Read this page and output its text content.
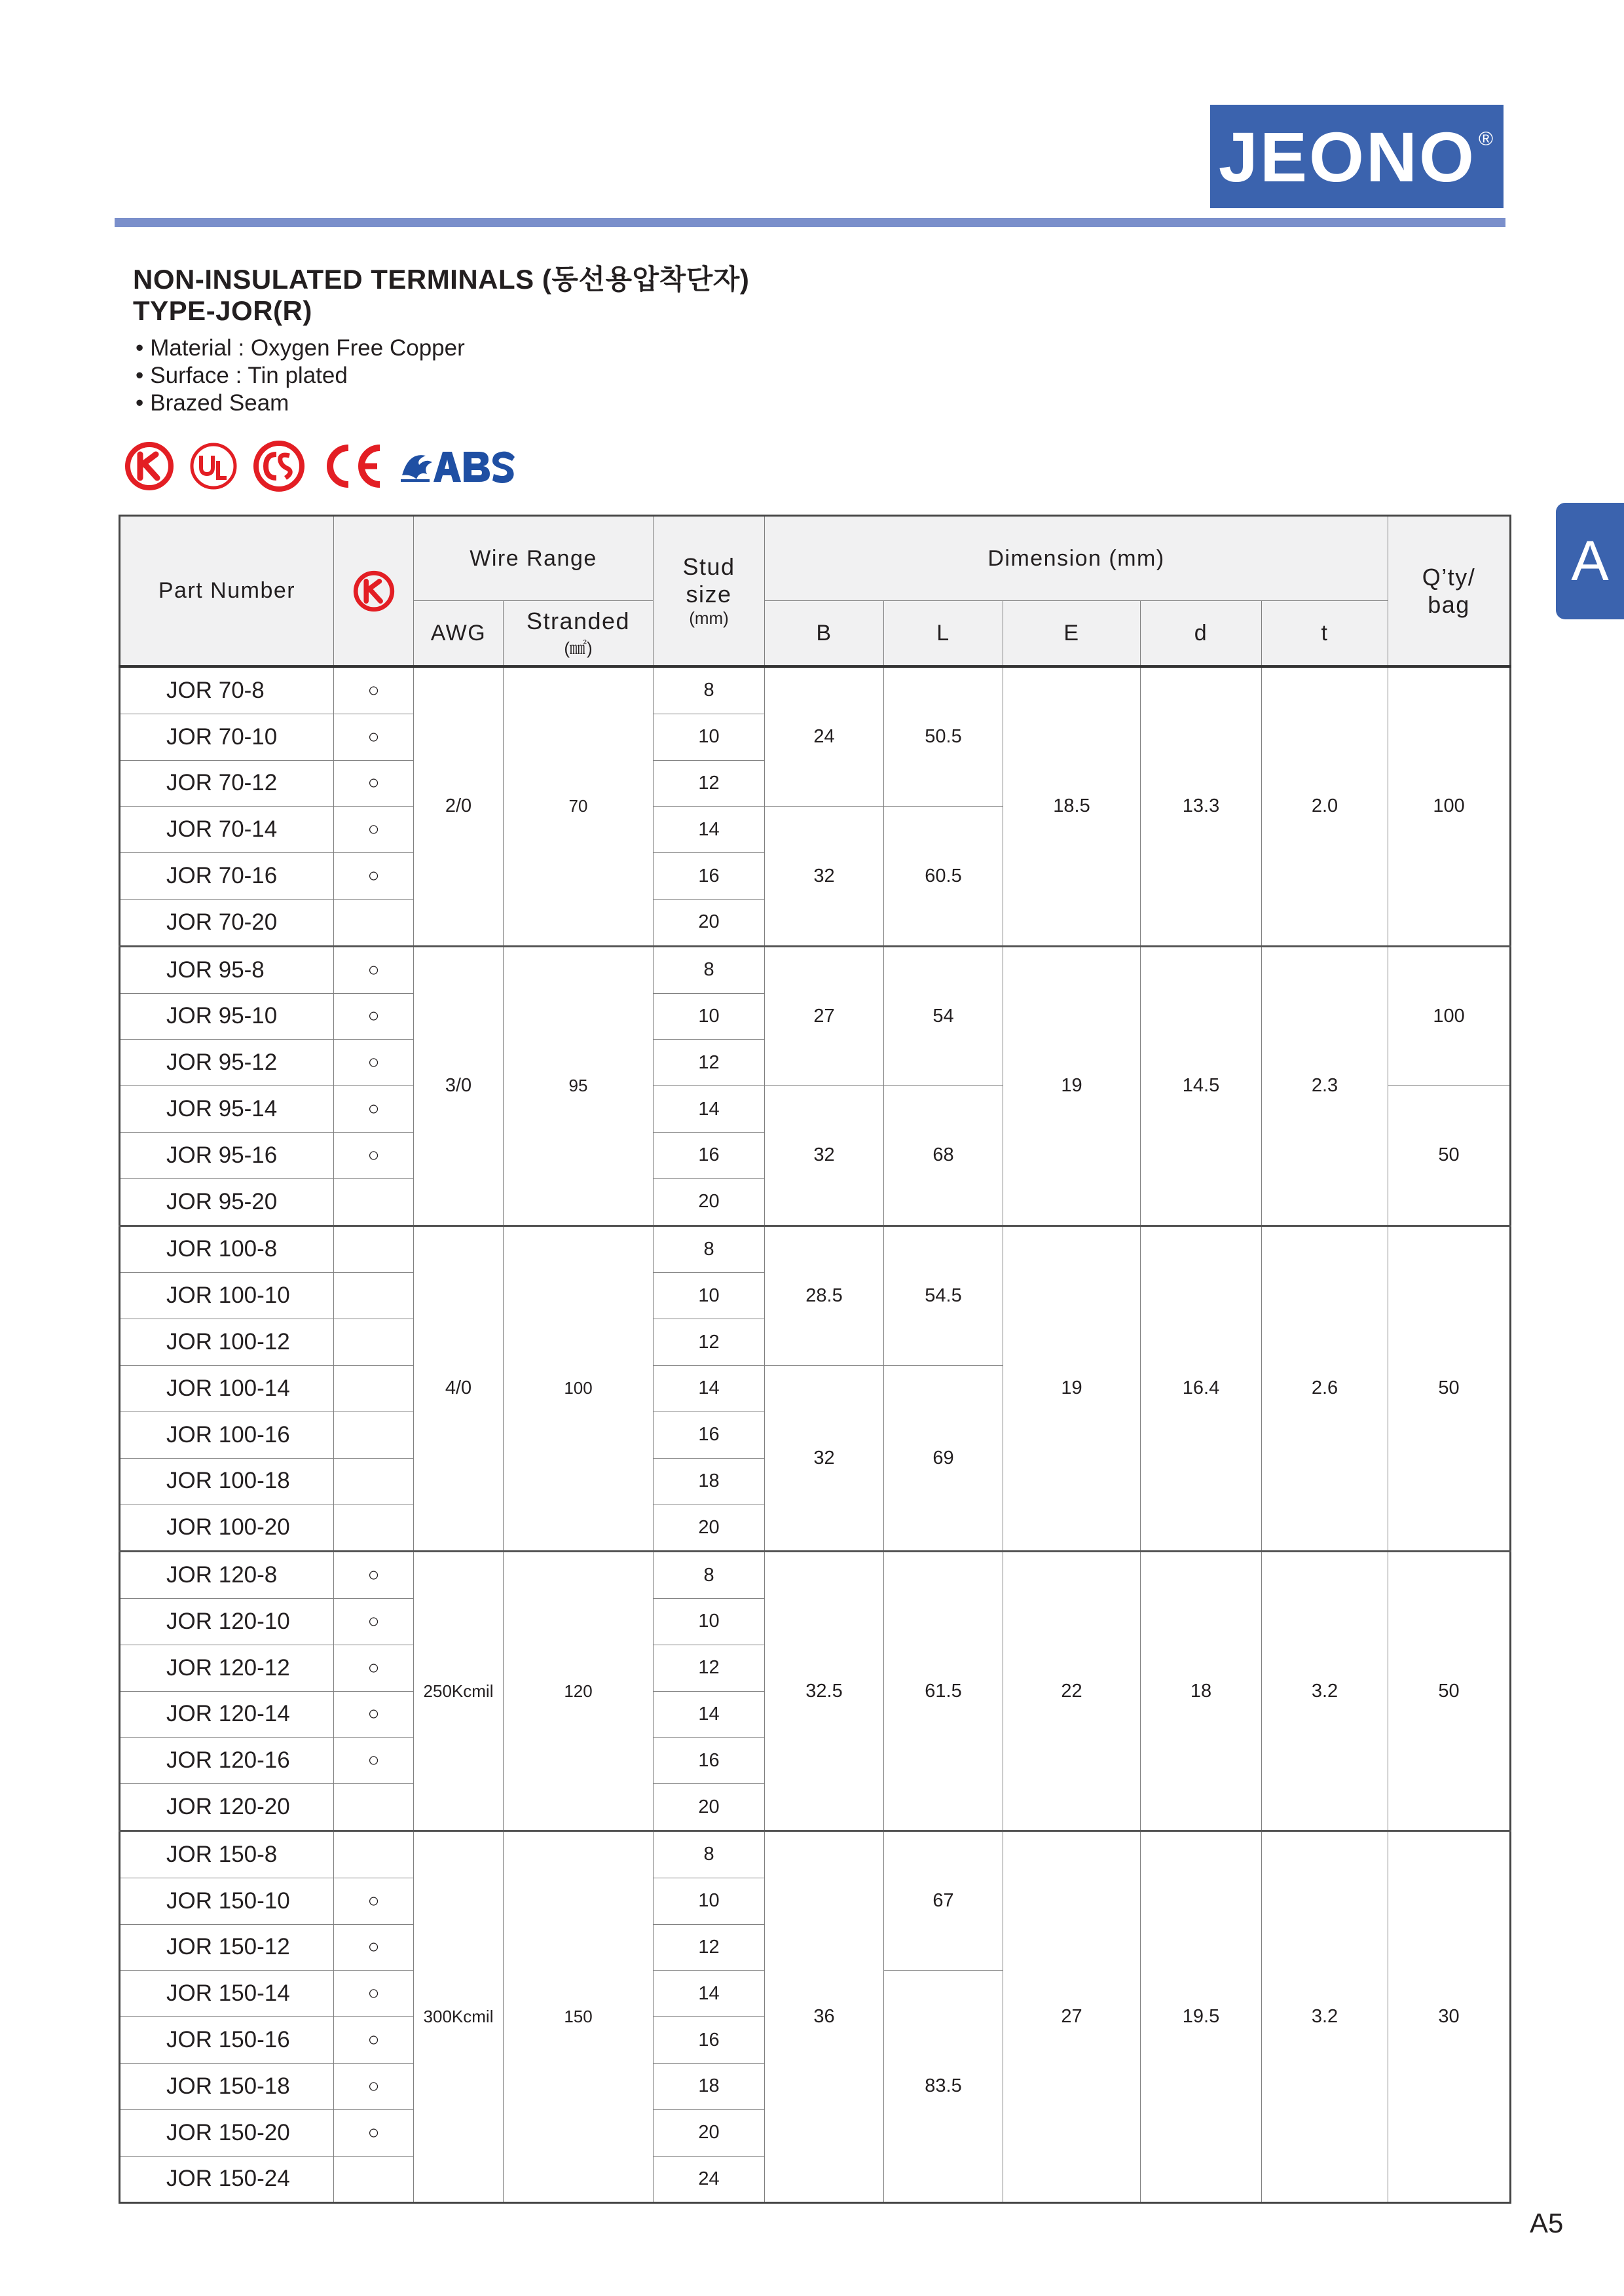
JEONO®

NON-INSULATED TERMINALS (동선용압착단자)

TYPE-JOR(R)

• Material : Oxygen Free Copper
• Surface : Tin plated
• Brazed Seam
A
Part Number		Wire Range		Stud
size
(mm)	Dimension (mm)					Q’ty/
bag

		AWG	Stranded
(㎟)		B	L	E	d	t	
JOR 70-8	○	2/0	70	8	24	50.5	18.5	13.3	2.0	100
JOR 70-10	○			10						
JOR 70-12	○			12						
JOR 70-14	○			14	32	60.5				
JOR 70-16	○			16						
JOR 70-20				20						
JOR 95-8	○	3/0	95	8	27	54	19	14.5	2.3	100
JOR 95-10	○			10						
JOR 95-12	○			12						
JOR 95-14	○			14	32	68				50
JOR 95-16	○			16						
JOR 95-20				20						
JOR 100-8		4/0	100	8	28.5	54.5	19	16.4	2.6	50
JOR 100-10				10						
JOR 100-12				12						
JOR 100-14				14	32	69				
JOR 100-16				16						
JOR 100-18				18						
JOR 100-20				20						
JOR 120-8	○	250Kcmil	120	8	32.5	61.5	22	18	3.2	50
JOR 120-10	○			10						
JOR 120-12	○			12						
JOR 120-14	○			14						
JOR 120-16	○			16						
JOR 120-20				20						
JOR 150-8		300Kcmil	150	8	36	67	27	19.5	3.2	30
JOR 150-10	○			10						
JOR 150-12	○			12						
JOR 150-14	○			14		83.5				
JOR 150-16	○			16						
JOR 150-18	○			18						
JOR 150-20	○			20						
JOR 150-24				24						
A5
